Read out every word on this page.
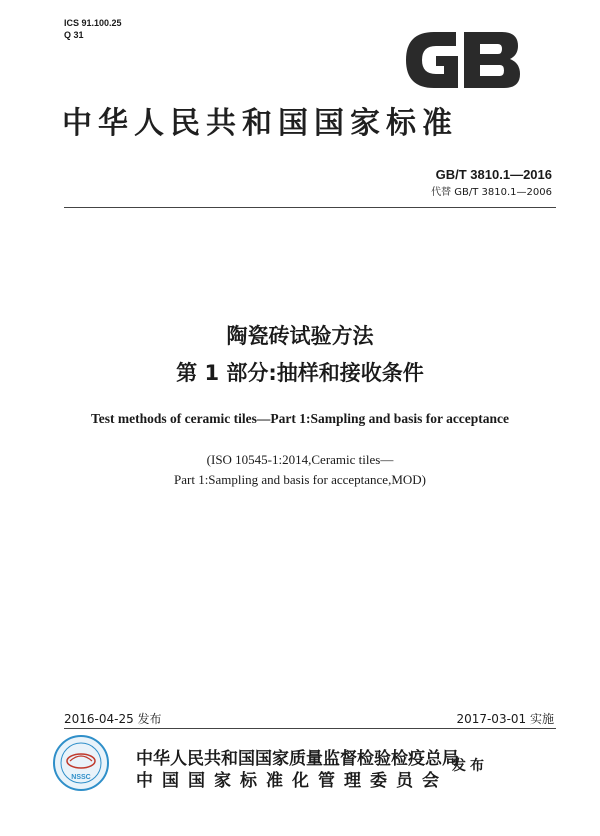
ICS 91.100.25
Q 31
中华人民共和国国家标准
GB/T 3810.1—2016
代替 GB/T 3810.1—2006
陶瓷砖试验方法
第 1 部分:抽样和接收条件
Test methods of ceramic tiles—Part 1:Sampling and basis for acceptance
(ISO 10545-1:2014,Ceramic tiles—
Part 1:Sampling and basis for acceptance,MOD)
2016-04-25 发布	2017-03-01 实施
NSSC
中华人民共和国国家质量监督检验检疫总局
中国国家标准化管理委员会
发布
